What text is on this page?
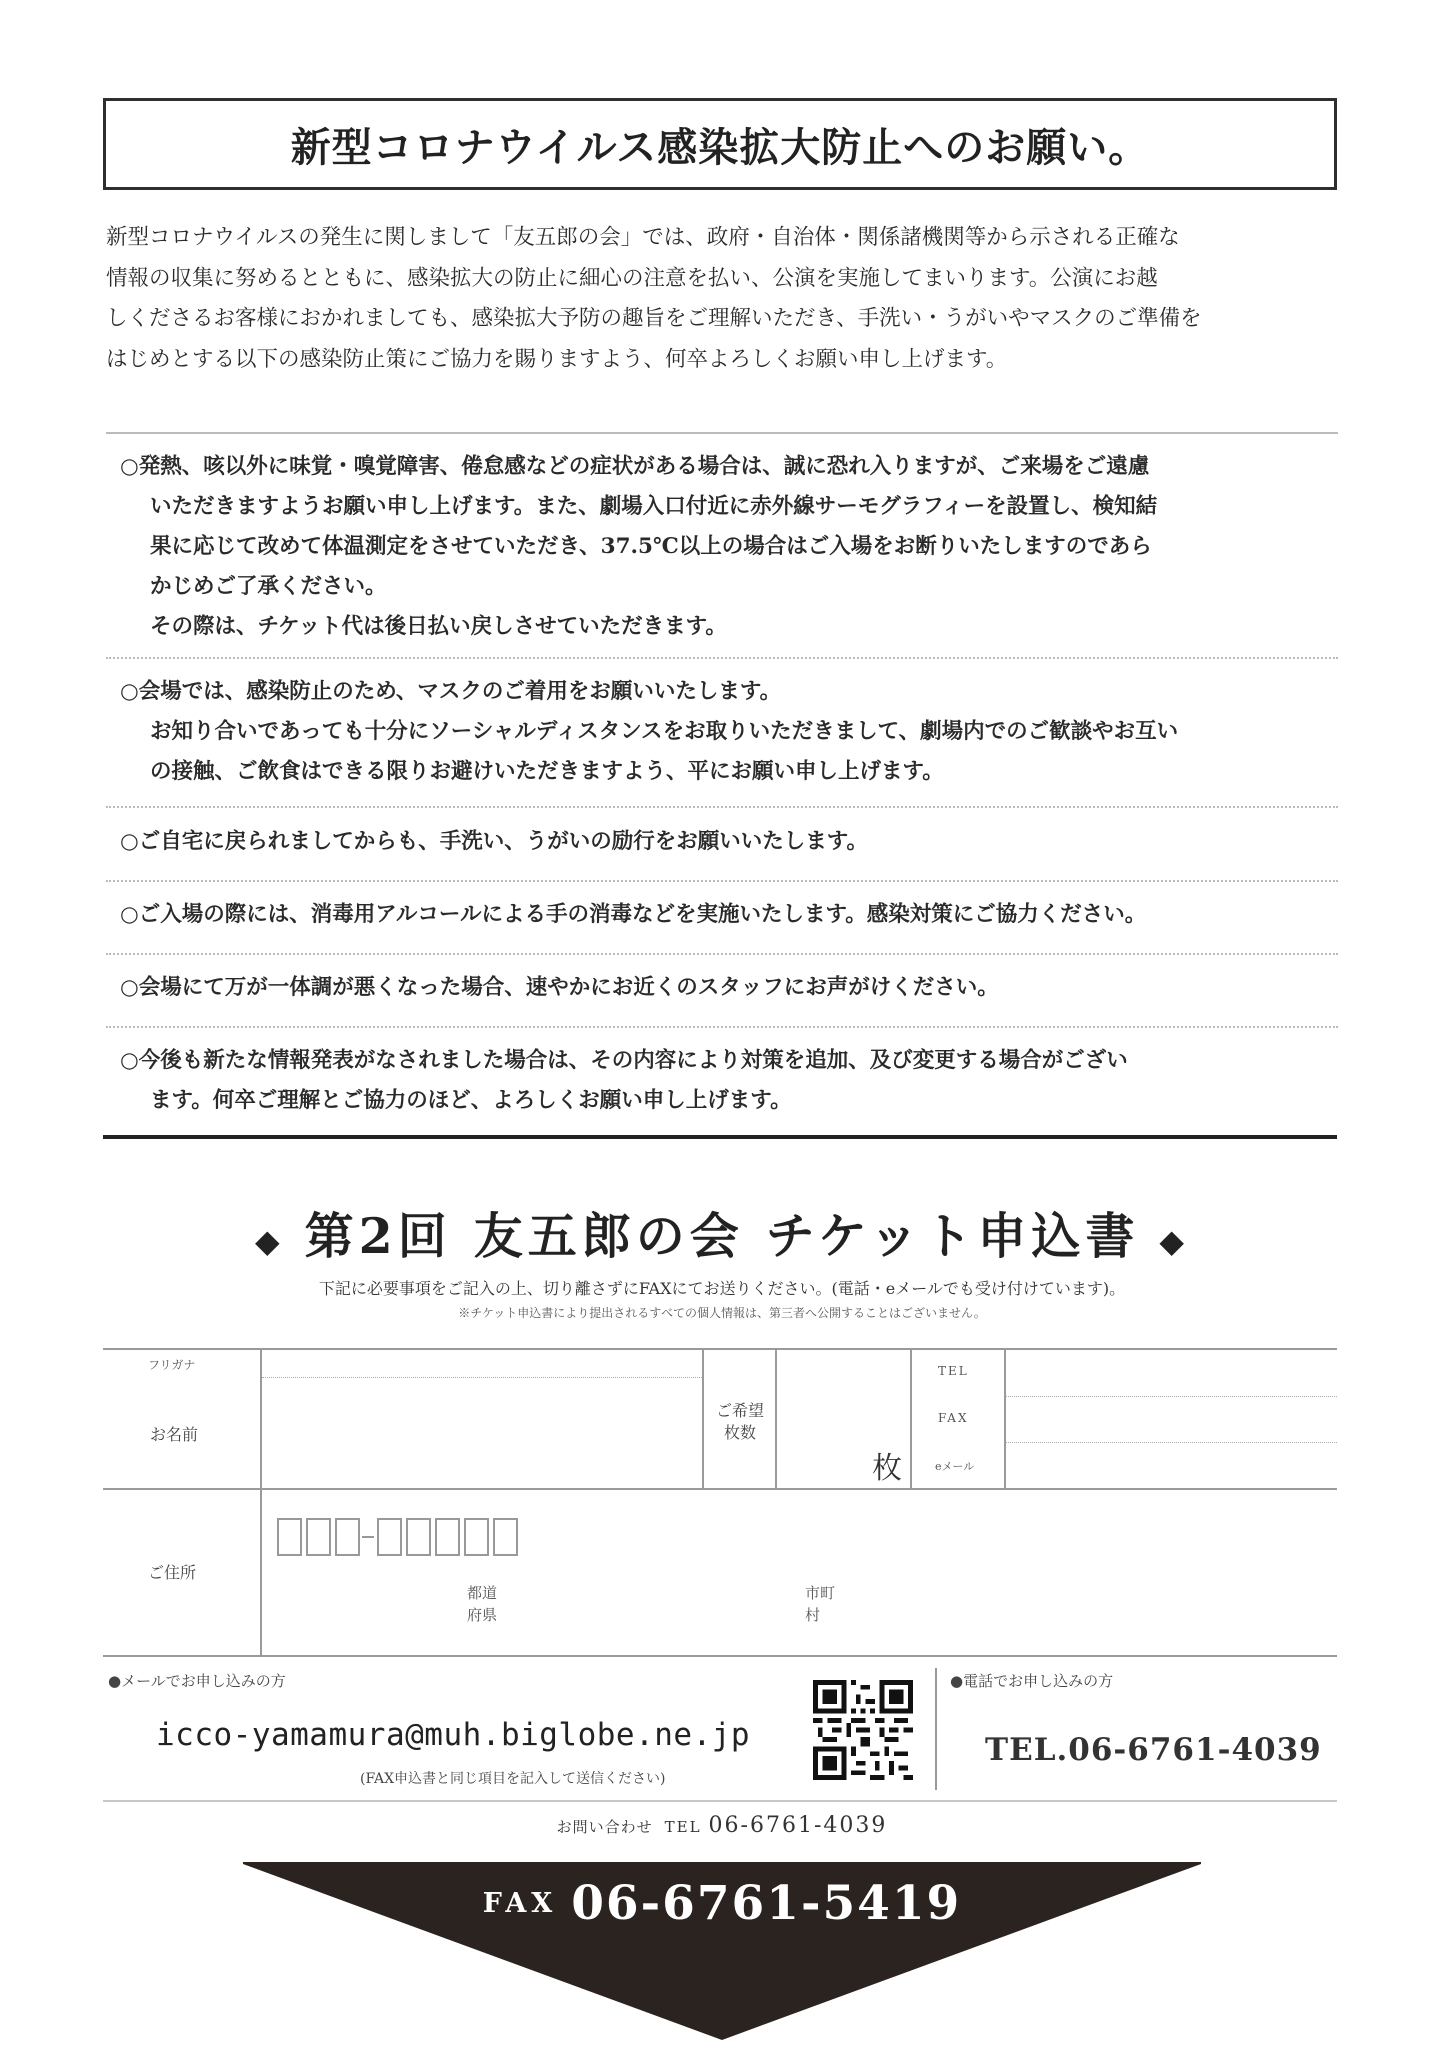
新型コロナウイルス感染拡大防止へのお願い。
新型コロナウイルスの発生に関しまして「友五郎の会」では、政府・自治体・関係諸機関等から示される正確な
情報の収集に努めるとともに、感染拡大の防止に細心の注意を払い、公演を実施してまいります。公演にお越
しくださるお客様におかれましても、感染拡大予防の趣旨をご理解いただき、手洗い・うがいやマスクのご準備を
はじめとする以下の感染防止策にご協力を賜りますよう、何卒よろしくお願い申し上げます。
○発熱、咳以外に味覚・嗅覚障害、倦怠感などの症状がある場合は、誠に恐れ入りますが、ご来場をご遠慮
いただきますようお願い申し上げます。また、劇場入口付近に赤外線サーモグラフィーを設置し、検知結
果に応じて改めて体温測定をさせていただき、37.5℃以上の場合はご入場をお断りいたしますのであら
かじめご了承ください。
その際は、チケット代は後日払い戻しさせていただきます。
○会場では、感染防止のため、マスクのご着用をお願いいたします。
お知り合いであっても十分にソーシャルディスタンスをお取りいただきまして、劇場内でのご歓談やお互い
の接触、ご飲食はできる限りお避けいただきますよう、平にお願い申し上げます。
○ご自宅に戻られましてからも、手洗い、うがいの励行をお願いいたします。
○ご入場の際には、消毒用アルコールによる手の消毒などを実施いたします。感染対策にご協力ください。
○会場にて万が一体調が悪くなった場合、速やかにお近くのスタッフにお声がけください。
○今後も新たな情報発表がなされました場合は、その内容により対策を追加、及び変更する場合がござい
ます。何卒ご理解とご協力のほど、よろしくお願い申し上げます。
◆ 第2回 友五郎の会 チケット申込書 ◆
下記に必要事項をご記入の上、切り離さずにFAXにてお送りください。(電話・eメールでも受け付けています)。
※チケット申込書により提出されるすべての個人情報は、第三者へ公開することはございません。
フリガナ
お名前
ご希望
枚数
枚
TEL
FAX
eメール
ご住所
都道
府県
市町
村
●メールでお申し込みの方
icco-yamamura@muh.biglobe.ne.jp
(FAX申込書と同じ項目を記入して送信ください)
●電話でお申し込みの方
TEL.06-6761-4039
お問い合わせ TEL 06-6761-4039
FAX 06-6761-5419
